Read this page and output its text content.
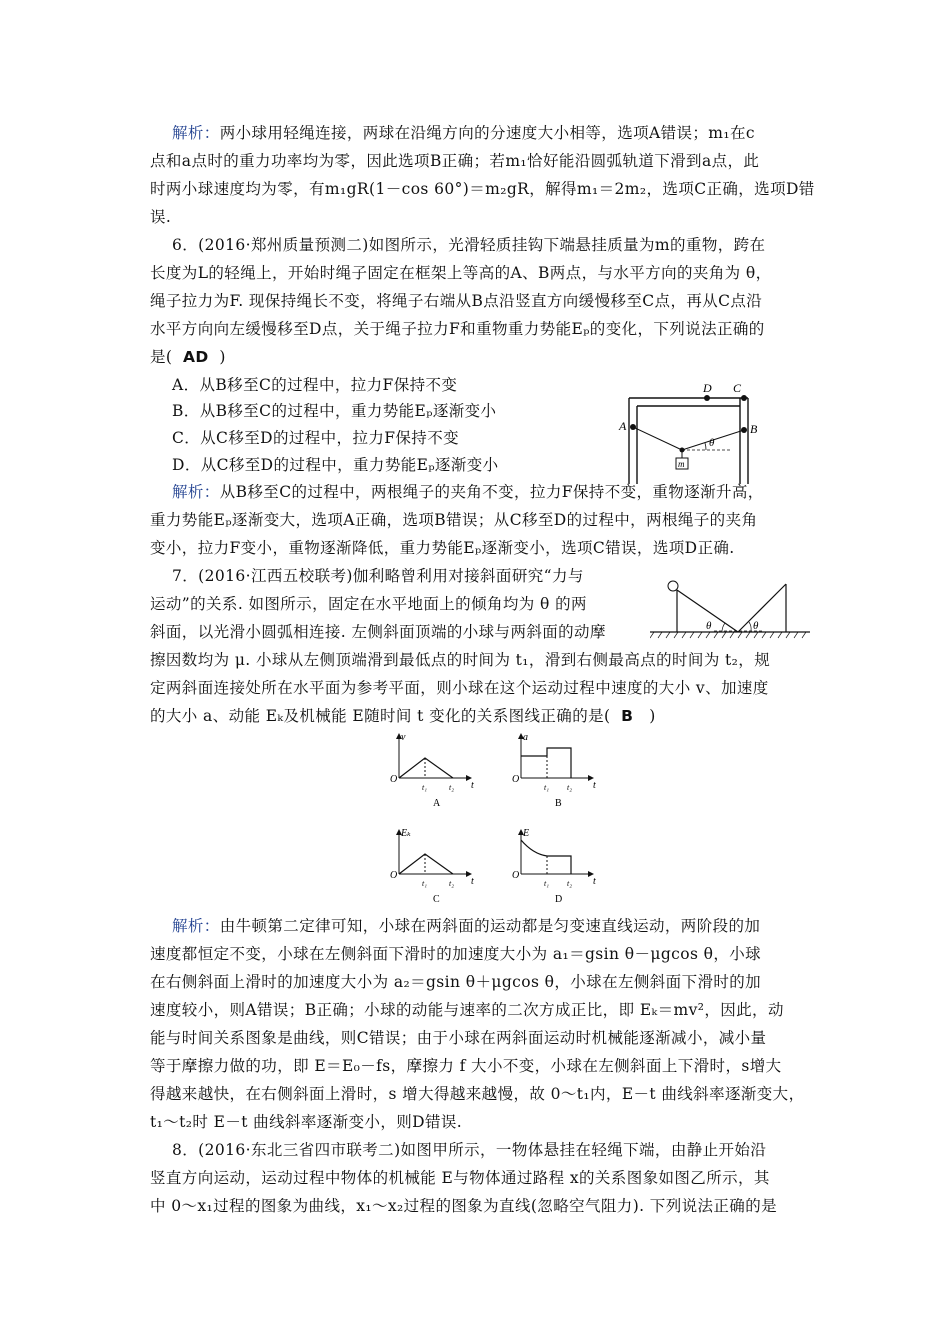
解析：两小球用轻绳连接，两球在沿绳方向的分速度大小相等，选项A错误；m₁在c
点和a点时的重力功率均为零，因此选项B正确；若m₁恰好能沿圆弧轨道下滑到a点，此
时两小球速度均为零，有m₁gR(1－cos 60°)＝m₂gR，解得m₁＝2m₂，选项C正确，选项D错
误.
6．(2016·郑州质量预测二)如图所示，光滑轻质挂钩下端悬挂质量为m的重物，跨在
长度为L的轻绳上，开始时绳子固定在框架上等高的A、B两点，与水平方向的夹角为 θ，
绳子拉力为F. 现保持绳长不变，将绳子右端从B点沿竖直方向缓慢移至C点，再从C点沿
水平方向向左缓慢移至D点，关于绳子拉力F和重物重力势能Eₚ的变化，下列说法正确的
是( AD )
A．从B移至C的过程中，拉力F保持不变
B．从B移至C的过程中，重力势能Eₚ逐渐变小
C．从C移至D的过程中，拉力F保持不变
D．从C移至D的过程中，重力势能Eₚ逐渐变小
A	B
D C
θ
m
解析：从B移至C的过程中，两根绳子的夹角不变，拉力F保持不变，重物逐渐升高，
重力势能Eₚ逐渐变大，选项A正确，选项B错误；从C移至D的过程中，两根绳子的夹角
变小，拉力F变小，重物逐渐降低，重力势能Eₚ逐渐变小，选项C错误，选项D正确.
7．(2016·江西五校联考)伽利略曾利用对接斜面研究“力与
运动”的关系. 如图所示，固定在水平地面上的倾角均为 θ 的两
斜面，以光滑小圆弧相连接. 左侧斜面顶端的小球与两斜面的动摩
擦因数均为 μ. 小球从左侧顶端滑到最低点的时间为 t₁，滑到右侧最高点的时间为 t₂，规
定两斜面连接处所在水平面为参考平面，则小球在这个运动过程中速度的大小 v、加速度
的大小 a、动能 Eₖ及机械能 E随时间 t 变化的关系图线正确的是( B )
θ	θ
v
O
t₁	t₂ t
A
a
O
t₁ t₂ t
B
Eₖ
O
t₁	t₂ t
C
E
O
t₁ t₂ t
D
解析：由牛顿第二定律可知，小球在两斜面的运动都是匀变速直线运动，两阶段的加
速度都恒定不变，小球在左侧斜面下滑时的加速度大小为 a₁＝gsin θ－μgcos θ，小球
在右侧斜面上滑时的加速度大小为 a₂＝gsin θ＋μgcos θ，小球在左侧斜面下滑时的加
速度较小，则A错误；B正确；小球的动能与速率的二次方成正比，即 Eₖ＝mv²，因此，动
能与时间关系图象是曲线，则C错误；由于小球在两斜面运动时机械能逐渐减小，减小量
等于摩擦力做的功，即 E＝E₀－fs，摩擦力 f 大小不变，小球在左侧斜面上下滑时，s增大
得越来越快，在右侧斜面上滑时，s 增大得越来越慢，故 0～t₁内，E－t 曲线斜率逐渐变大，
t₁～t₂时 E－t 曲线斜率逐渐变小，则D错误.
8．(2016·东北三省四市联考二)如图甲所示，一物体悬挂在轻绳下端，由静止开始沿
竖直方向运动，运动过程中物体的机械能 E与物体通过路程 x的关系图象如图乙所示，其
中 0～x₁过程的图象为曲线，x₁～x₂过程的图象为直线(忽略空气阻力). 下列说法正确的是
